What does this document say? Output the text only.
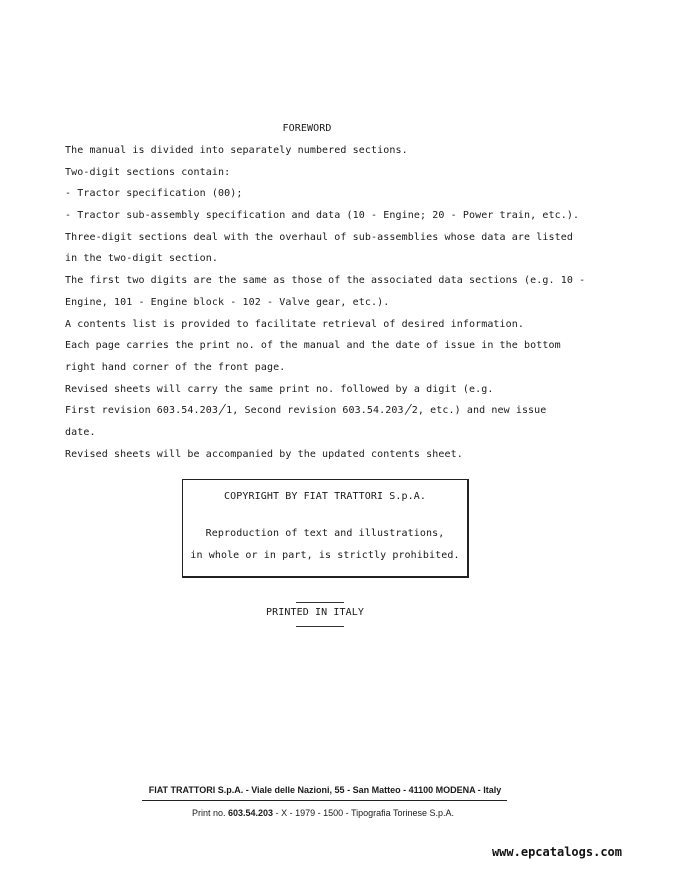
FOREWORD
The manual is divided into separately numbered sections.
Two-digit sections contain:
- Tractor specification (00);
- Tractor sub-assembly specification and data (10 - Engine; 20 - Power train, etc.).
Three-digit sections deal with the overhaul of sub-assemblies whose data are listed
in the two-digit section.
The first two digits are the same as those of the associated data sections (e.g. 10 -
Engine, 101 - Engine block - 102 - Valve gear, etc.).
A contents list is provided to facilitate retrieval of desired information.
Each page carries the print no. of the manual and the date of issue in the bottom
right hand corner of the front page.
Revised sheets will carry the same print no. followed by a digit (e.g.
First revision 603.54.203/1, Second revision 603.54.203/2, etc.) and new issue
date.
Revised sheets will be accompanied by the updated contents sheet.
COPYRIGHT BY FIAT TRATTORI S.p.A.
Reproduction of text and illustrations,
in whole or in part, is strictly prohibited.
PRINTED IN ITALY
FIAT TRATTORI S.p.A. - Viale delle Nazioni, 55 - San Matteo - 41100 MODENA - Italy
Print no. 603.54.203 - X - 1979 - 1500 - Tipografia Torinese S.p.A.
www.epcatalogs.com
